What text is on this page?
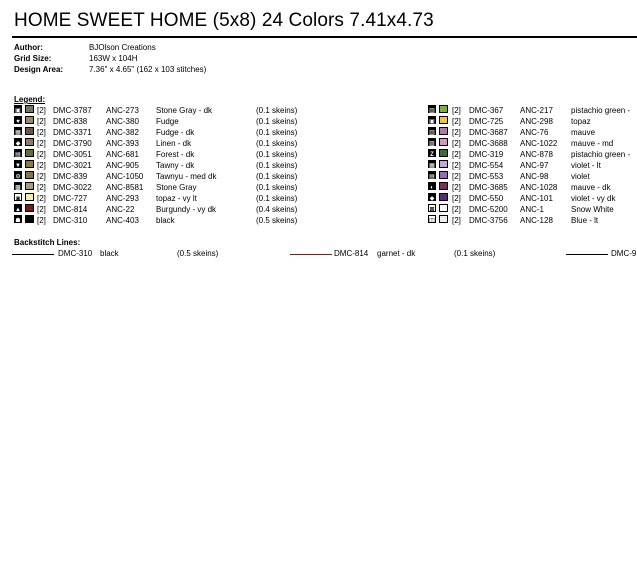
HOME SWEET HOME (5x8) 24 Colors 7.41x4.73
Author:	BJOlson Creations
Grid Size:	163W x 104H
Design Area:	7.36" x 4.65" (162 x 103 stitches)
Legend:
▣ [2] DMC-3787 ANC-273 Stone Gray - dk	(0.1 skeins)
♥ [2] DMC-838 ANC-380 Fudge	(0.1 skeins)
▦ [2] DMC-3371 ANC-382 Fudge - dk	(0.1 skeins)
◆ [2] DMC-3790 ANC-393 Linen - dk	(0.1 skeins)
▤ [2] DMC-3051 ANC-681 Forest - dk	(0.1 skeins)
▼ [2] DMC-3021 ANC-905 Tawny - dk	(0.1 skeins)
⊙ [2] DMC-839 ANC-1050 Tawnyu - med dk	(0.1 skeins)
▩ [2] DMC-3022 ANC-8581 Stone Gray	(0.1 skeins)
◙ [2] DMC-727 ANC-293 topaz - vy lt	(0.1 skeins)
▲ [2] DMC-814 ANC-22	Burgundy - vy dk	(0.4 skeins)
☗ [2] DMC-310 ANC-403 black	(0.5 skeins)
▥ [2] DMC-367 ANC-217 pistachio green -
▣ [2] DMC-725 ANC-298 topaz
▥ [2] DMC-3687 ANC-76	mauve
▨ [2] DMC-3688 ANC-1022 mauve - md
Z [2] DMC-319 ANC-878 pistachio green -
▦ [2] DMC-554 ANC-97	violet - lt
▤ [2] DMC-553 ANC-98	violet
◐ [2] DMC-3685 ANC-1028 mauve - dk
◆ [2] DMC-550 ANC-101 violet - vy dk
⊠ [2] DMC-5200 ANC-1	Snow White
◫ [2] DMC-3756 ANC-128 Blue - lt
Backstitch Lines:
DMC-310 black	(0.5 skeins)	DMC-814 garnet - dk	(0.1 skeins)	DMC-9
